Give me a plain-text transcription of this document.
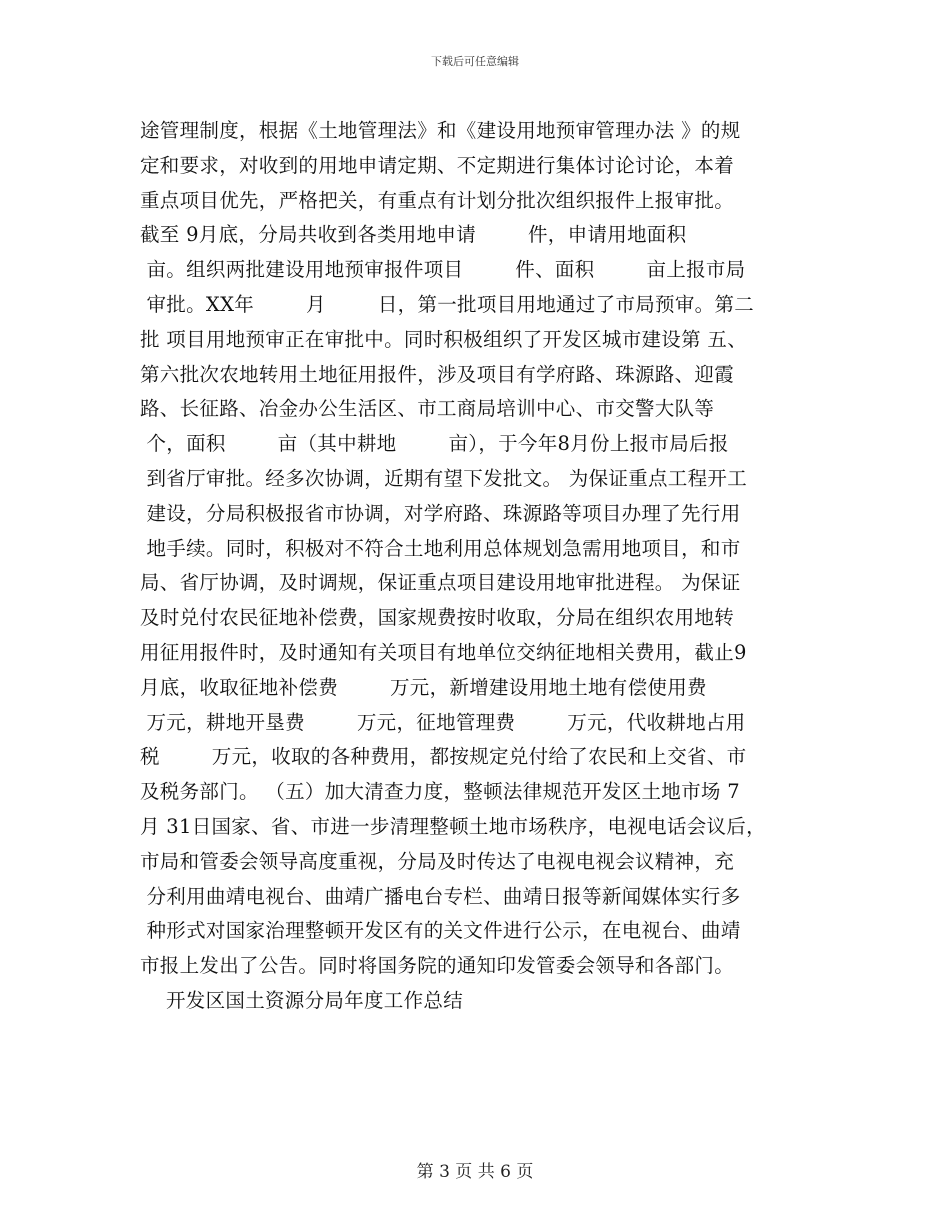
下载后可任意编辑
途管理制度，根据《土地管理法》和《建设用地预审管理办法 》的规
定和要求，对收到的用地申请定期、不定期进行集体讨论讨论，本着
重点项目优先，严格把关，有重点有计划分批次组织报件上报审批。
截至 9月底，分局共收到各类用地申请        件，申请用地面积
亩。组织两批建设用地预审报件项目        件、面积        亩上报市局
审批。XX年        月        日，第一批项目用地通过了市局预审。第二
批 项目用地预审正在审批中。同时积极组织了开发区城市建设第 五、
第六批次农地转用土地征用报件，涉及项目有学府路、珠源路、迎霞
路、长征路、冶金办公生活区、市工商局培训中心、市交警大队等
个，面积        亩（其中耕地        亩），于今年8月份上报市局后报
到省厅审批。经多次协调，近期有望下发批文。 为保证重点工程开工
建设，分局积极报省市协调，对学府路、珠源路等项目办理了先行用
地手续。同时，积极对不符合土地利用总体规划急需用地项目，和市
局、省厅协调，及时调规，保证重点项目建设用地审批进程。 为保证
及时兑付农民征地补偿费，国家规费按时收取，分局在组织农用地转
用征用报件时，及时通知有关项目有地单位交纳征地相关费用，截止9
月底，收取征地补偿费        万元，新增建设用地土地有偿使用费
万元，耕地开垦费        万元，征地管理费        万元，代收耕地占用
税        万元，收取的各种费用，都按规定兑付给了农民和上交省、市
及税务部门。 （五）加大清查力度，整顿法律规范开发区土地市场 7
月 31日国家、省、市进一步清理整顿土地市场秩序，电视电话会议后，
市局和管委会领导高度重视，分局及时传达了电视电视会议精神，充
分利用曲靖电视台、曲靖广播电台专栏、曲靖日报等新闻媒体实行多
种形式对国家治理整顿开发区有的关文件进行公示，在电视台、曲靖
市报上发出了公告。同时将国务院的通知印发管委会领导和各部门。
开发区国土资源分局年度工作总结
第 3 页 共 6 页
